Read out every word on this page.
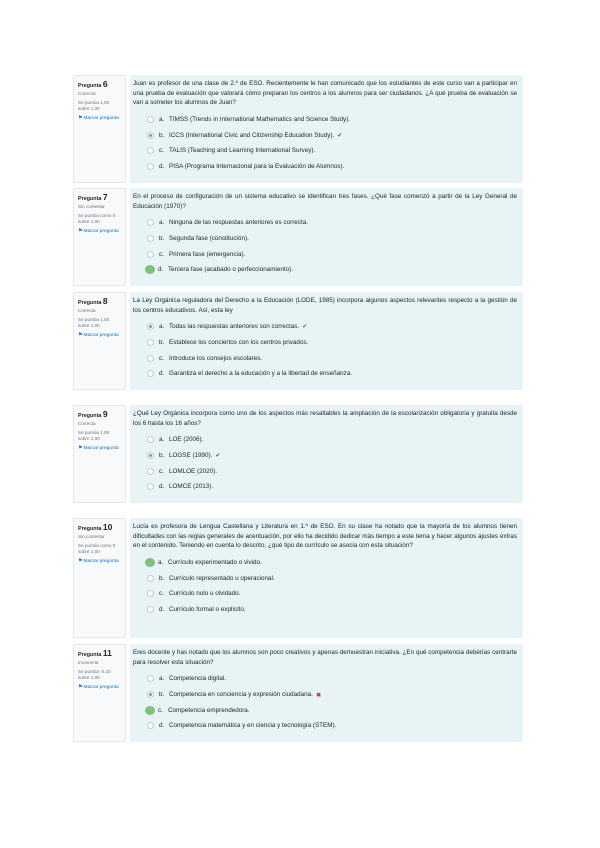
Pregunta 6
Correcta
Se puntúa 1,00 sobre 1,00
⚑Marcar pregunta
Juan es profesor de una clase de 2.º de ESO. Recientemente le han comunicado que los estudiantes de este curso van a participar en una prueba de evaluación que valorará cómo preparan los centros a los alumnos para ser ciudadanos. ¿A qué prueba de evaluación se van a someter los alumnos de Juan?
a. TIMSS (Trends in International Mathematics and Science Study).
b. ICCS (International Civic and Citizenship Education Study). ✔
c. TALIS (Teaching and Learning International Survey).
d. PISA (Programa Internacional para la Evaluación de Alumnos).
Pregunta 7
Sin contestar
Se puntúa como 0 sobre 1,00
⚑Marcar pregunta
En el proceso de configuración de un sistema educativo se identifican tres fases. ¿Qué fase comenzó a partir de la Ley General de Educación (1970)?
a. Ninguna de las respuestas anteriores es correcta.
b. Segunda fase (constitución).
c. Primera fase (emergencia).
d. Tercera fase (acabado o perfeccionamiento).
Pregunta 8
Correcta
Se puntúa 1,00 sobre 1,00
⚑Marcar pregunta
La Ley Orgánica reguladora del Derecho a la Educación (LODE, 1985) incorpora algunos aspectos relevantes respecto a la gestión de los centros educativos. Así, esta ley
a. Todas las respuestas anteriores son correctas. ✔
b. Establece los conciertos con los centros privados.
c. Introduce los consejos escolares.
d. Garantiza el derecho a la educación y a la libertad de enseñanza.
Pregunta 9
Correcta
Se puntúa 1,00 sobre 1,00
⚑Marcar pregunta
¿Qué Ley Orgánica incorpora como uno de los aspectos más resaltables la ampliación de la escolarización obligatoria y gratuita desde los 6 hasta los 16 años?
a. LOE (2006).
b. LOGSE (1990). ✔
c. LOMLOE (2020).
d. LOMCE (2013).
Pregunta 10
Sin contestar
Se puntúa como 0 sobre 1,00
⚑Marcar pregunta
Lucía es profesora de Lengua Castellana y Literatura en 1.º de ESO. En su clase ha notado que la mayoría de los alumnos tienen dificultades con las reglas generales de acentuación, por ello ha decidido dedicar más tiempo a este tema y hacer algunos ajustes extras en el contenido. Teniendo en cuenta lo descrito, ¿qué tipo de currículo se asocia con esta situación?
a. Currículo experimentado o vivido.
b. Currículo representado u operacional.
c. Currículo nulo u olvidado.
d. Currículo formal o explícito.
Pregunta 11
Incorrecta
Se puntúa -0,33 sobre 1,00
⚑Marcar pregunta
Eres docente y has notado que los alumnos son poco creativos y apenas demuestran iniciativa. ¿En qué competencia deberías centrarte para resolver esta situación?
a. Competencia digital.
b. Competencia en conciencia y expresión ciudadana. ✖
c. Competencia emprendedora.
d. Competencia matemática y en ciencia y tecnología (STEM).
